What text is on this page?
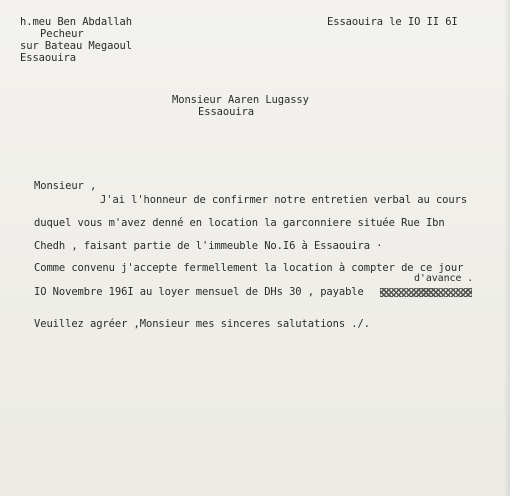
h.meu Ben Abdallah
Pecheur
sur Bateau Megaoul
Essaouira
Essaouira le IO II 6I
Monsieur Aaren Lugassy
Essaouira
Monsieur ,
J'ai l'honneur de confirmer notre entretien verbal au cours
duquel vous m'avez denné en location la garconniere située Rue Ibn
Chedh , faisant partie de l'immeuble No.I6 à Essaouira ·
Comme convenu j'accepte fermellement la location à compter de ce jour
d'avance .
IO Novembre 196I au loyer mensuel de DHs 30 , payable
Veuillez agréer ,Monsieur mes sinceres salutations ./.
